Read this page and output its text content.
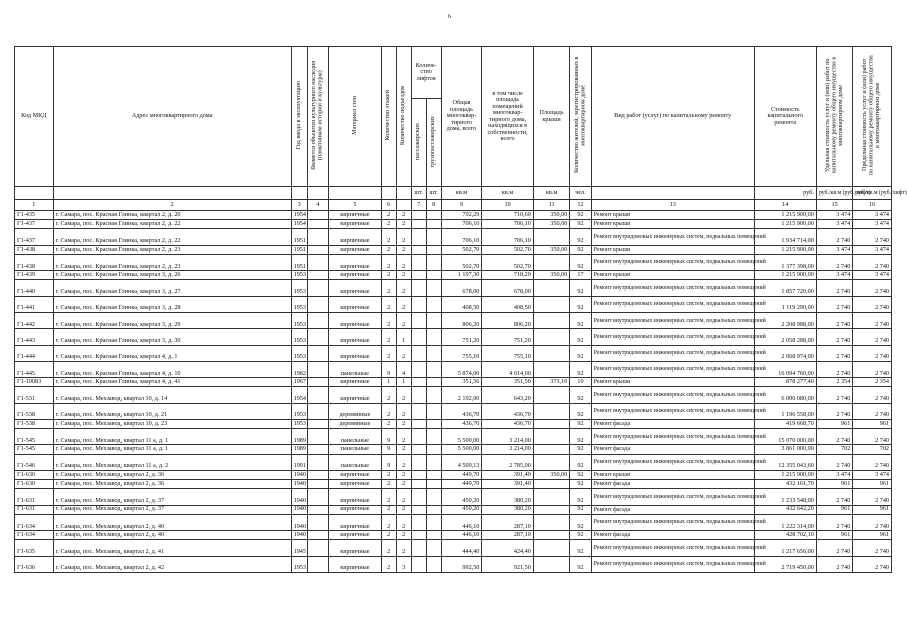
6
Код МКД	Адрес многоквартирного дома	Год ввода в эксплуатацию	Является объектом культурного наследия (памятником истории и культуры)	Материал стен	Количество этажей	Количество подъездов	Количе-ство лифтов		Общая площадь многоквар-тирного дома, всего	в том числе площадь помещений многоквар-тирного дома, находящихся в собственности, всего	Площадь крыши	Количество жителей, зарегистрированных в многоквартирном доме	Вид работ (услуг) по капитальному ремонту	Стоимость капитального ремонта	Удельная стоимость услуг и (или) работ по капитальному ремонту общего имущества в многоквартирном доме	Предельная стоимость услуг и (или) работ по капитальному ремонту общего имущества в многоквартирном доме
							пассажирских	грузопассажирских								
							шт.	шт.	кв.м	кв.м	кв.м	чел.		руб.	руб./кв.м (руб./лифт)	руб./кв.м (руб./лифт)
1	2	3	4	5	6		7	8	9	10	11	12	13	14	15	16
Г1-435	г. Самара, пос. Красная Глинка, квартал 2, д. 20	1954		кирпичные	2	2			792,29	710,60	350,00	92	Ремонт крыши	1 215 900,00	3 474	3 474
Г1-437	г. Самара, пос. Красная Глинка, квартал 2, д. 22	1954		кирпичные	2	2			706,10	706,10	350,00	92	Ремонт крыши	1 215 900,00	3 474	3 474
Г1-437	г. Самара, пос. Красная Глинка, квартал 2, д. 22	1951		кирпичные	2	2			706,10	706,10		92	Ремонт внутридомовых инженерных систем, подвальных помещений	1 934 714,00	2 740	2 740
Г1-438	г. Самара, пос. Красная Глинка, квартал 2, д. 23	1951		кирпичные	2	2			502,70	502,70	350,00	92	Ремонт крыши	1 215 900,00	3 474	3 474
Г1-438	г. Самара, пос. Красная Глинка, квартал 2, д. 23	1951		кирпичные	2	2			502,70	502,70		92	Ремонт внутридомовых инженерных систем, подвальных помещений	1 377 398,00	2 740	2 740
Г1-439	г. Самара, пос. Красная Глинка, квартал 3, д. 26	1953		кирпичные	2	2			1 197,30	718,20	350,00	17	Ремонт крыши	1 215 900,00	3 474	3 474
Г1-440	г. Самара, пос. Красная Глинка, квартал 3, д. 27	1953		кирпичные	2	2			678,00	678,00		92	Ремонт внутридомовых инженерных систем, подвальных помещений	1 857 720,00	2 740	2 740
Г1-441	г. Самара, пос. Красная Глинка, квартал 3, д. 28	1953		кирпичные	2	2			408,50	408,50		92	Ремонт внутридомовых инженерных систем, подвальных помещений	1 119 290,00	2 740	2 740
Г1-442	г. Самара, пос. Красная Глинка, квартал 3, д. 29	1953		кирпичные	2	2			806,20	806,20		92	Ремонт внутридомовых инженерных систем, подвальных помещений	2 208 988,00	2 740	2 740
Г1-443	г. Самара, пос. Красная Глинка, квартал 3, д. 30	1953		кирпичные	2	1			751,20	751,20		92	Ремонт внутридомовых инженерных систем, подвальных помещений	2 058 288,00	2 740	2 740
Г1-444	г. Самара, пос. Красная Глинка, квартал 4, д. 1	1953		кирпичные	2	2			755,10	755,10		92	Ремонт внутридомовых инженерных систем, подвальных помещений	2 068 974,00	2 740	2 740
Г1-445	г. Самара, пос. Красная Глинка, квартал 4, д. 10	1982		панельные	9	4			5 874,00	4 014,00		92	Ремонт внутридомовых инженерных систем, подвальных помещений	16 094 760,00	2 740	2 740
Г1-10083	г. Самара, пос. Красная Глинка, квартал 4, д. 41	1967		кирпичные	1	1			351,56	351,50	373,10	10	Ремонт крыши	878 277,40	2 354	2 354
Г1-531	г. Самара, пос. Мехзавод, квартал 10, д. 14	1954		кирпичные	2	2			2 192,00	643,20		92	Ремонт внутридомовых инженерных систем, подвальных помещений	6 006 080,00	2 740	2 740
Г1-538	г. Самара, пос. Мехзавод, квартал 10, д. 21	1953		деревянные	2	2			436,70	436,70		92	Ремонт внутридомовых инженерных систем, подвальных помещений	1 196 558,00	2 740	2 740
Г1-538	г. Самара, пос. Мехзавод, квартал 10, д. 23	1953		деревянные	2	2			436,70	436,70		92	Ремонт фасада	419 668,70	961	961
Г1-545	г. Самара, пос. Мехзавод, квартал 11 а, д. 1	1989		панельные	9	2			5 500,00	3 214,00		92	Ремонт внутридомовых инженерных систем, подвальных помещений	15 070 000,00	2 740	2 740
Г1-545	г. Самара, пос. Мехзавод, квартал 11 а, д. 1	1989		панельные	9	2			5 500,00	3 214,00		92	Ремонт фасада	3 861 000,00	702	702
Г1-546	г. Самара, пос. Мехзавод, квартал 11 а, д. 2	1991		панельные	9	2			4 509,13	2 785,00		92	Ремонт внутридомовых инженерных систем, подвальных помещений	12 355 043,60	2 740	2 740
Г1-630	г. Самара, пос. Мехзавод, квартал 2, д. 36	1940		кирпичные	2	2			449,70	391,40	350,00	92	Ремонт крыши	1 215 900,00	3 474	3 474
Г1-630	г. Самара, пос. Мехзавод, квартал 2, д. 36	1940		кирпичные	2	2			449,70	391,40		92	Ремонт фасада	432 161,70	961	961
Г1-631	г. Самара, пос. Мехзавод, квартал 2, д. 37	1940		кирпичные	2	2			450,20	380,20		92	Ремонт внутридомовых инженерных систем, подвальных помещений	1 233 548,00	2 740	2 740
Г1-631	г. Самара, пос. Мехзавод, квартал 2, д. 37	1940		кирпичные	2	2			450,20	380,20		92	Ремонт фасада	432 642,20	961	961
Г1-634	г. Самара, пос. Мехзавод, квартал 2, д. 40	1940		кирпичные	2	2			446,10	287,10		92	Ремонт внутридомовых инженерных систем, подвальных помещений	1 222 314,00	2 740	2 740
Г1-634	г. Самара, пос. Мехзавод, квартал 2, д. 40	1940		кирпичные	2	2			446,10	287,10		92	Ремонт фасада	428 702,10	961	961
Г1-635	г. Самара, пос. Мехзавод, квартал 2, д. 41	1945		кирпичные	2	2			444,40	424,40		92	Ремонт внутридомовых инженерных систем, подвальных помещений	1 217 656,00	2 740	2 740
Г1-636	г. Самара, пос. Мехзавод, квартал 2, д. 42	1953		кирпичные	2	3			992,50	921,50		92	Ремонт внутридомовых инженерных систем, подвальных помещений	2 719 450,00	2 740	2 740
